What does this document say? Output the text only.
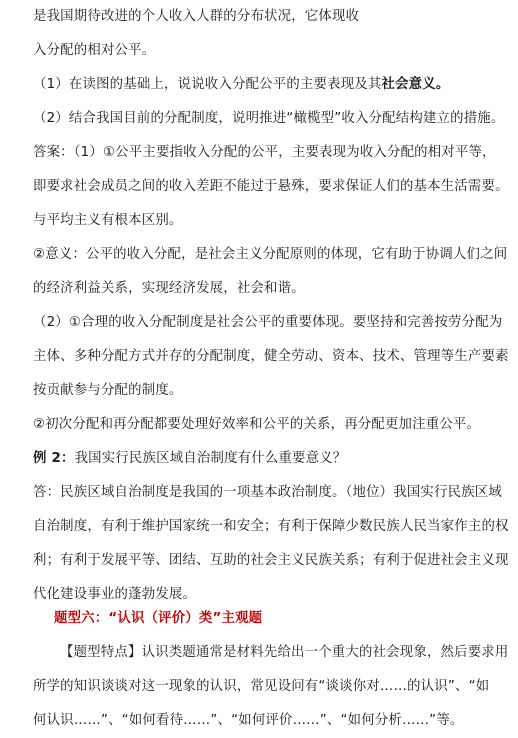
是我国期待改进的个人收入人群的分布状况，它体现收
入分配的相对公平。
（1）在读图的基础上，说说收入分配公平的主要表现及其社会意义。
（2）结合我国目前的分配制度，说明推进“橄榄型”收入分配结构建立的措施。
答案：（1）①公平主要指收入分配的公平，主要表现为收入分配的相对平等，
即要求社会成员之间的收入差距不能过于悬殊，要求保证人们的基本生活需要。
与平均主义有根本区别。
②意义：公平的收入分配，是社会主义分配原则的体现，它有助于协调人们之间
的经济利益关系，实现经济发展，社会和谐。
（2）①合理的收入分配制度是社会公平的重要体现。要坚持和完善按劳分配为
主体、多种分配方式并存的分配制度，健全劳动、资本、技术、管理等生产要素
按贡献参与分配的制度。
②初次分配和再分配都要处理好效率和公平的关系，再分配更加注重公平。
例 2：我国实行民族区域自治制度有什么重要意义？
答：民族区域自治制度是我国的一项基本政治制度。（地位）我国实行民族区域
自治制度，有利于维护国家统一和安全；有利于保障少数民族人民当家作主的权
利；有利于发展平等、团结、互助的社会主义民族关系；有利于促进社会主义现
代化建设事业的蓬勃发展。
题型六：“认识（评价）类”主观题
【题型特点】认识类题通常是材料先给出一个重大的社会现象，然后要求用
所学的知识谈谈对这一现象的认识，常见设问有“谈谈你对……的认识”、“如
何认识……”、“如何看待……”、“如何评价……”、“如何分析……”等。
